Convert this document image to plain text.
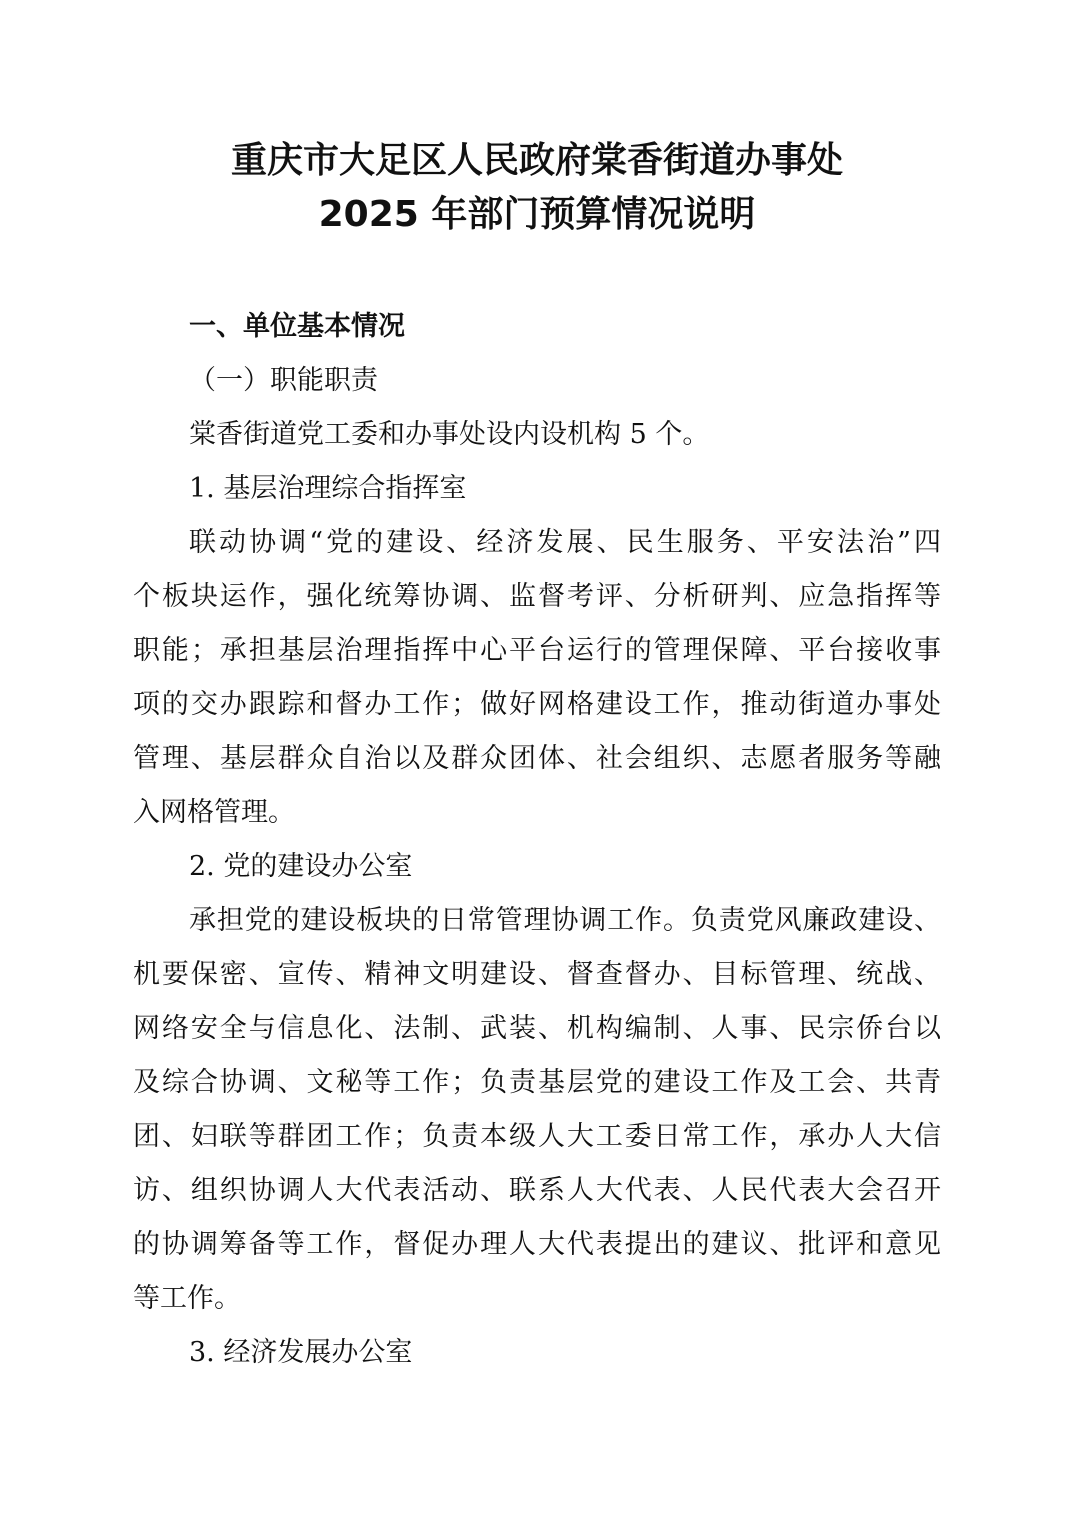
重庆市大足区人民政府棠香街道办事处
2025 年部门预算情况说明

一、单位基本情况

（一）职能职责

棠香街道党工委和办事处设内设机构 5 个。

1. 基层治理综合指挥室

联动协调“党的建设、经济发展、民生服务、平安法治”四

个板块运作，强化统筹协调、监督考评、分析研判、应急指挥等

职能；承担基层治理指挥中心平台运行的管理保障、平台接收事

项的交办跟踪和督办工作；做好网格建设工作，推动街道办事处

管理、基层群众自治以及群众团体、社会组织、志愿者服务等融

入网格管理。

2. 党的建设办公室

承担党的建设板块的日常管理协调工作。负责党风廉政建设、

机要保密、宣传、精神文明建设、督查督办、目标管理、统战、

网络安全与信息化、法制、武装、机构编制、人事、民宗侨台以

及综合协调、文秘等工作；负责基层党的建设工作及工会、共青

团、妇联等群团工作；负责本级人大工委日常工作，承办人大信

访、组织协调人大代表活动、联系人大代表、人民代表大会召开

的协调筹备等工作，督促办理人大代表提出的建议、批评和意见

等工作。

3. 经济发展办公室
